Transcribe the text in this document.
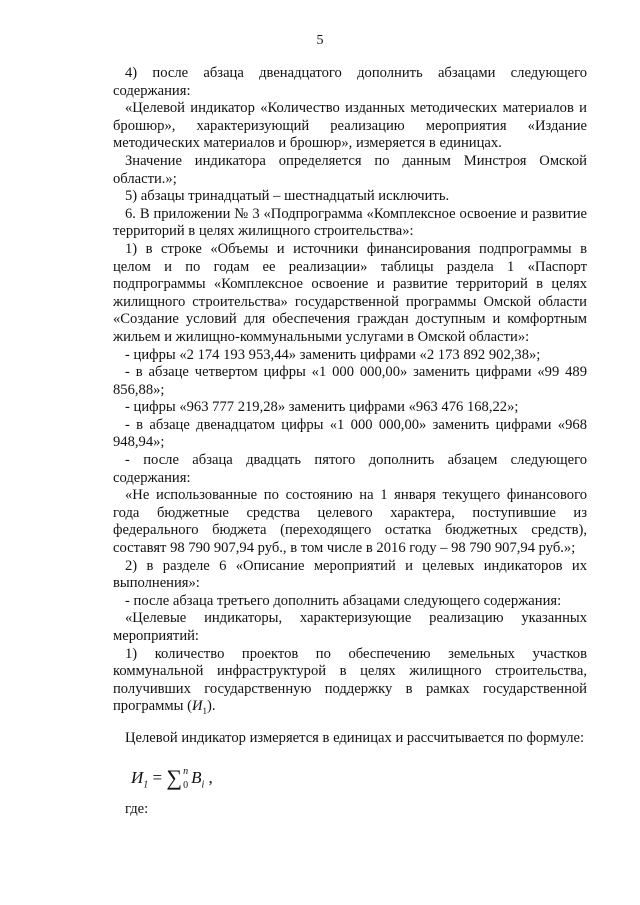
5

4) после абзаца двенадцатого дополнить абзацами следующего содержания:

«Целевой индикатор «Количество изданных методических материалов и брошюр», характеризующий реализацию мероприятия «Издание методических материалов и брошюр», измеряется в единицах.

Значение индикатора определяется по данным Минстроя Омской области.»;

5) абзацы тринадцатый – шестнадцатый исключить.

6. В приложении № 3 «Подпрограмма «Комплексное освоение и развитие территорий в целях жилищного строительства»:

1) в строке «Объемы и источники финансирования подпрограммы в целом и по годам ее реализации» таблицы раздела 1 «Паспорт подпрограммы «Комплексное освоение и развитие территорий в целях жилищного строительства» государственной программы Омской области «Создание условий для обеспечения граждан доступным и комфортным жильем и жилищно-коммунальными услугами в Омской области»:

- цифры «2 174 193 953,44» заменить цифрами «2 173 892 902,38»;

- в абзаце четвертом цифры «1 000 000,00» заменить цифрами «99 489 856,88»;

- цифры «963 777 219,28» заменить цифрами «963 476 168,22»;

- в абзаце двенадцатом цифры «1 000 000,00» заменить цифрами «968 948,94»;

- после абзаца двадцать пятого дополнить абзацем следующего содержания:

«Не использованные по состоянию на 1 января текущего финансового года бюджетные средства целевого характера, поступившие из федерального бюджета (переходящего остатка бюджетных средств), составят 98 790 907,94 руб., в том числе в 2016 году – 98 790 907,94 руб.»;

2) в разделе 6 «Описание мероприятий и целевых индикаторов их выполнения»:

- после абзаца третьего дополнить абзацами следующего содержания:

«Целевые индикаторы, характеризующие реализацию указанных мероприятий:

1) количество проектов по обеспечению земельных участков коммунальной инфраструктурой в целях жилищного строительства, получивших государственную поддержку в рамках государственной программы $(И_1)$.

Целевой индикатор измеряется в единицах и рассчитывается по формуле:

$И_1$ = ∑ n
0 $B_i$ ,

где:
